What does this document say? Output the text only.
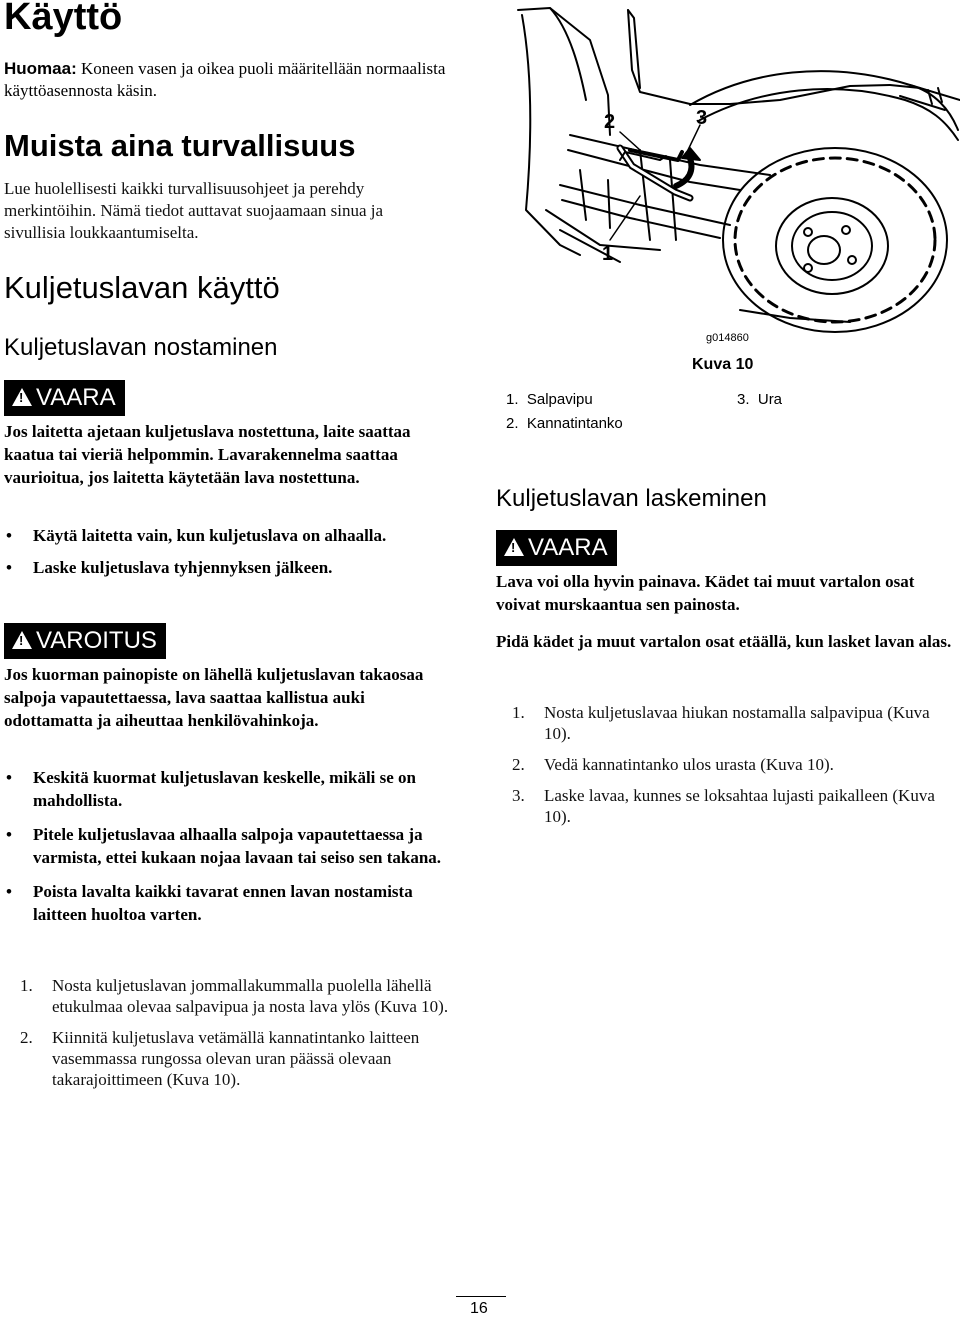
Käyttö
Huomaa: Koneen vasen ja oikea puoli määritellään normaalista käyttöasennosta käsin.
Muista aina turvallisuus
Lue huolellisesti kaikki turvallisuusohjeet ja perehdy merkintöihin. Nämä tiedot auttavat suojaamaan sinua ja sivullisia loukkaantumiselta.
Kuljetuslavan käyttö
Kuljetuslavan nostaminen
!VAARA
Jos laitetta ajetaan kuljetuslava nostettuna, laite saattaa kaatua tai vieriä helpommin. Lavarakennelma saattaa vaurioitua, jos laitetta käytetään lava nostettuna.
• Käytä laitetta vain, kun kuljetuslava on alhaalla.
• Laske kuljetuslava tyhjennyksen jälkeen.
!VAROITUS
Jos kuorman painopiste on lähellä kuljetuslavan takaosaa salpoja vapautettaessa, lava saattaa kallistua auki odottamatta ja aiheuttaa henkilövahinkoja.
• Keskitä kuormat kuljetuslavan keskelle, mikäli se on mahdollista.
• Pitele kuljetuslavaa alhaalla salpoja vapautettaessa ja varmista, ettei kukaan nojaa lavaan tai seiso sen takana.
• Poista lavalta kaikki tavarat ennen lavan nostamista laitteen huoltoa varten.
1. Nosta kuljetuslavan jommallakummalla puolella lähellä etukulmaa olevaa salpavipua ja nosta lava ylös (Kuva 10).
2. Kiinnitä kuljetuslava vetämällä kannatintanko laitteen vasemmassa rungossa olevan uran päässä olevaan takarajoittimeen (Kuva 10).
1
2	3
g014860
Kuva 10
1. Salpavipu
2. Kannatintanko
3. Ura
Kuljetuslavan laskeminen
!VAARA
Lava voi olla hyvin painava. Kädet tai muut vartalon osat voivat murskaantua sen painosta.
Pidä kädet ja muut vartalon osat etäällä, kun lasket lavan alas.
1. Nosta kuljetuslavaa hiukan nostamalla salpavipua (Kuva 10).
2. Vedä kannatintanko ulos urasta (Kuva 10).
3. Laske lavaa, kunnes se loksahtaa lujasti paikalleen (Kuva 10).
16
